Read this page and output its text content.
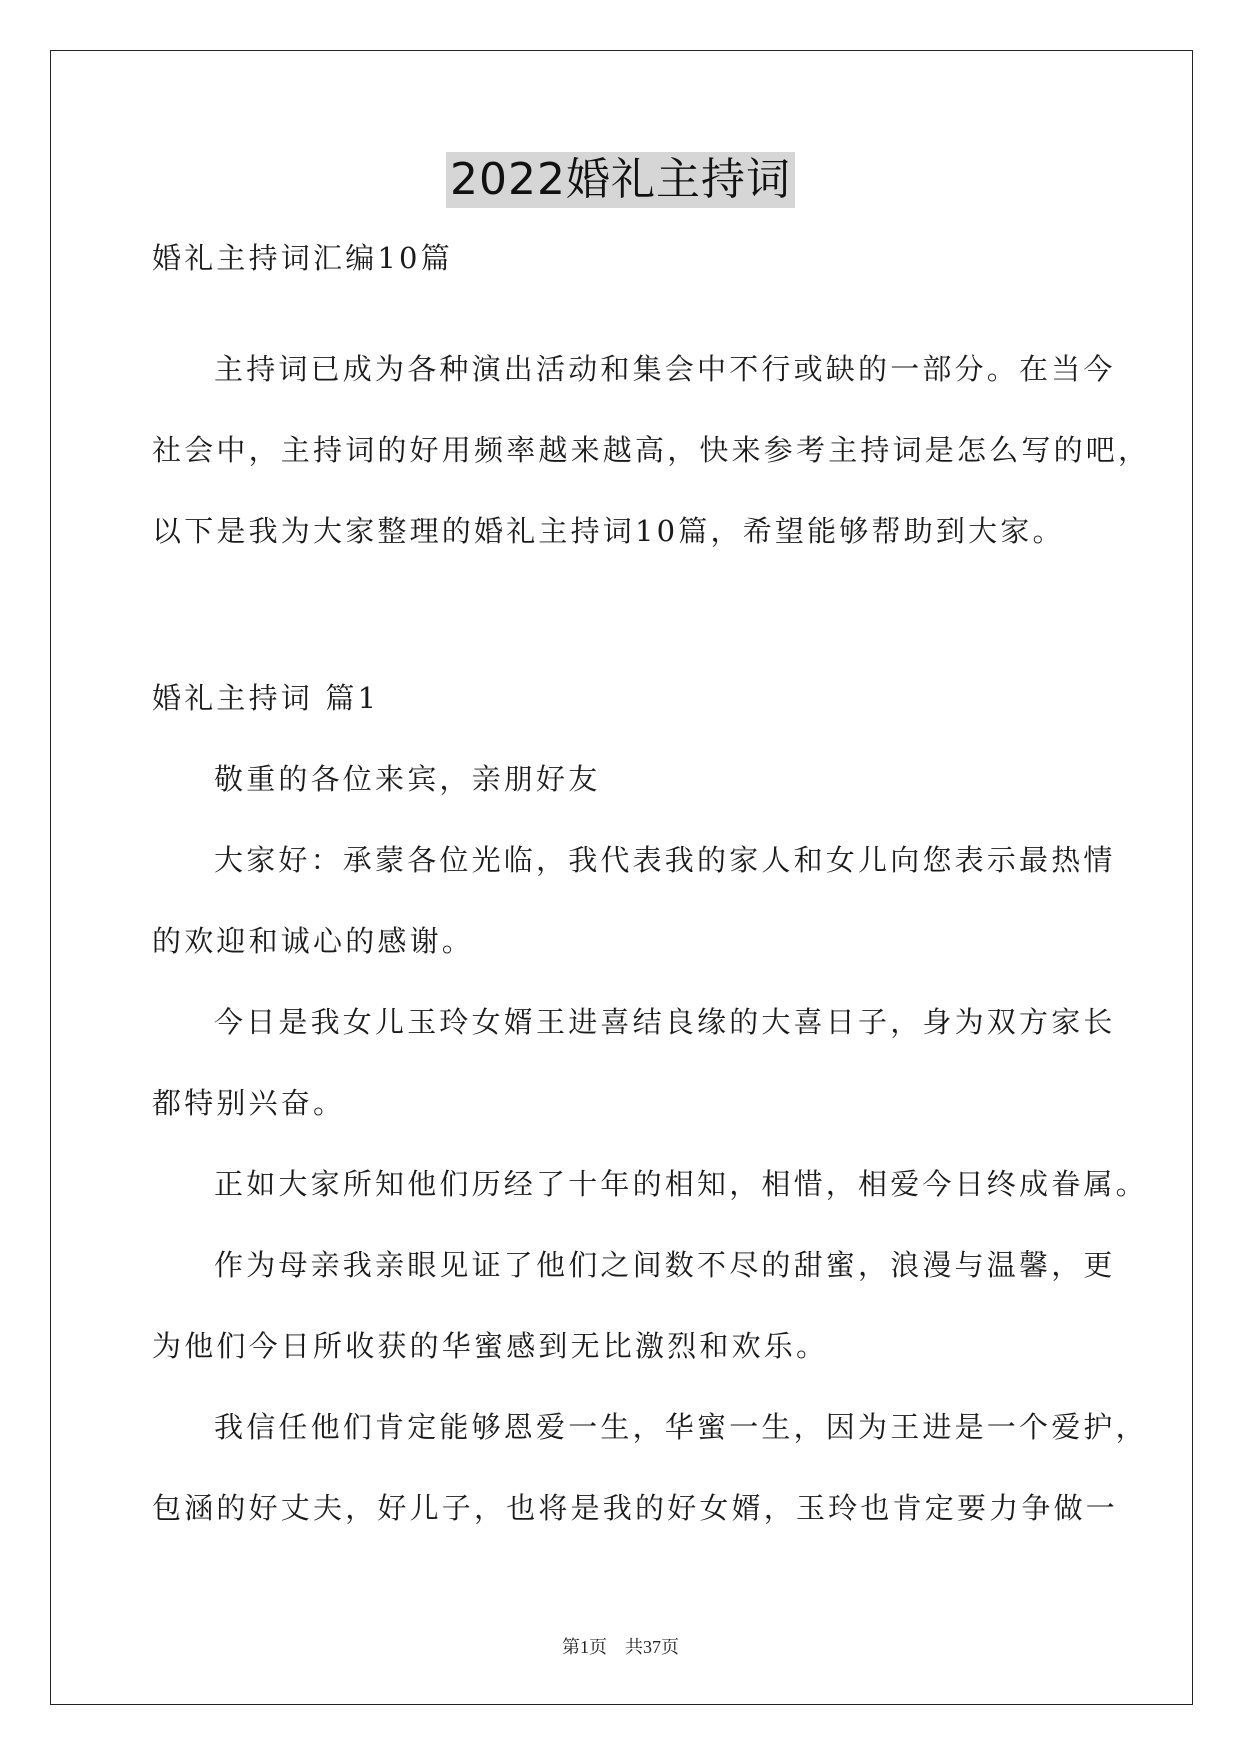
2022婚礼主持词
婚礼主持词汇编10篇
主持词已成为各种演出活动和集会中不行或缺的一部分。在当今
社会中，主持词的好用频率越来越高，快来参考主持词是怎么写的吧，
以下是我为大家整理的婚礼主持词10篇，希望能够帮助到大家。
婚礼主持词 篇1
敬重的各位来宾，亲朋好友
大家好：承蒙各位光临，我代表我的家人和女儿向您表示最热情
的欢迎和诚心的感谢。
今日是我女儿玉玲女婿王进喜结良缘的大喜日子，身为双方家长
都特别兴奋。
正如大家所知他们历经了十年的相知，相惜，相爱今日终成眷属。
作为母亲我亲眼见证了他们之间数不尽的甜蜜，浪漫与温馨，更
为他们今日所收获的华蜜感到无比激烈和欢乐。
我信任他们肯定能够恩爱一生，华蜜一生，因为王进是一个爱护，
包涵的好丈夫，好儿子，也将是我的好女婿，玉玲也肯定要力争做一
第1页 共37页
